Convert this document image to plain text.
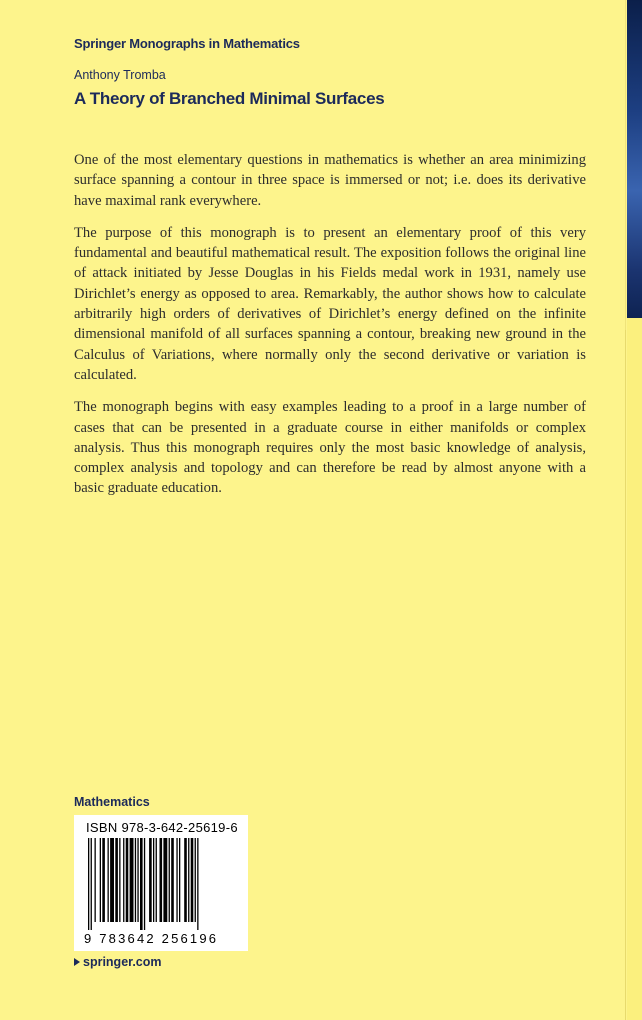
Springer Monographs in Mathematics
Anthony Tromba
A Theory of Branched Minimal Surfaces

One of the most elementary questions in mathematics is whether an area minimizing surface spanning a contour in three space is immersed or not; i.e. does its derivative have maximal rank everywhere.

The purpose of this monograph is to present an elementary proof of this very fundamental and beautiful mathematical result. The exposition follows the original line of attack initiated by Jesse Douglas in his Fields medal work in 1931, namely use Dirichlet’s energy as opposed to area. Remarkably, the author shows how to calculate arbitrarily high orders of derivatives of Dirichlet’s energy defined on the infinite dimensional manifold of all surfaces spanning a contour, breaking new ground in the Calculus of Variations, where normally only the second derivative or variation is calculated.

The monograph begins with easy examples leading to a proof in a large number of cases that can be presented in a graduate course in either manifolds or complex analysis. Thus this monograph requires only the most basic knowledge of analysis, complex analysis and topology and can therefore be read by almost anyone with a basic graduate education.

Mathematics
ISBN 978-3-642-25619-6
9 783642 256196
springer.com
